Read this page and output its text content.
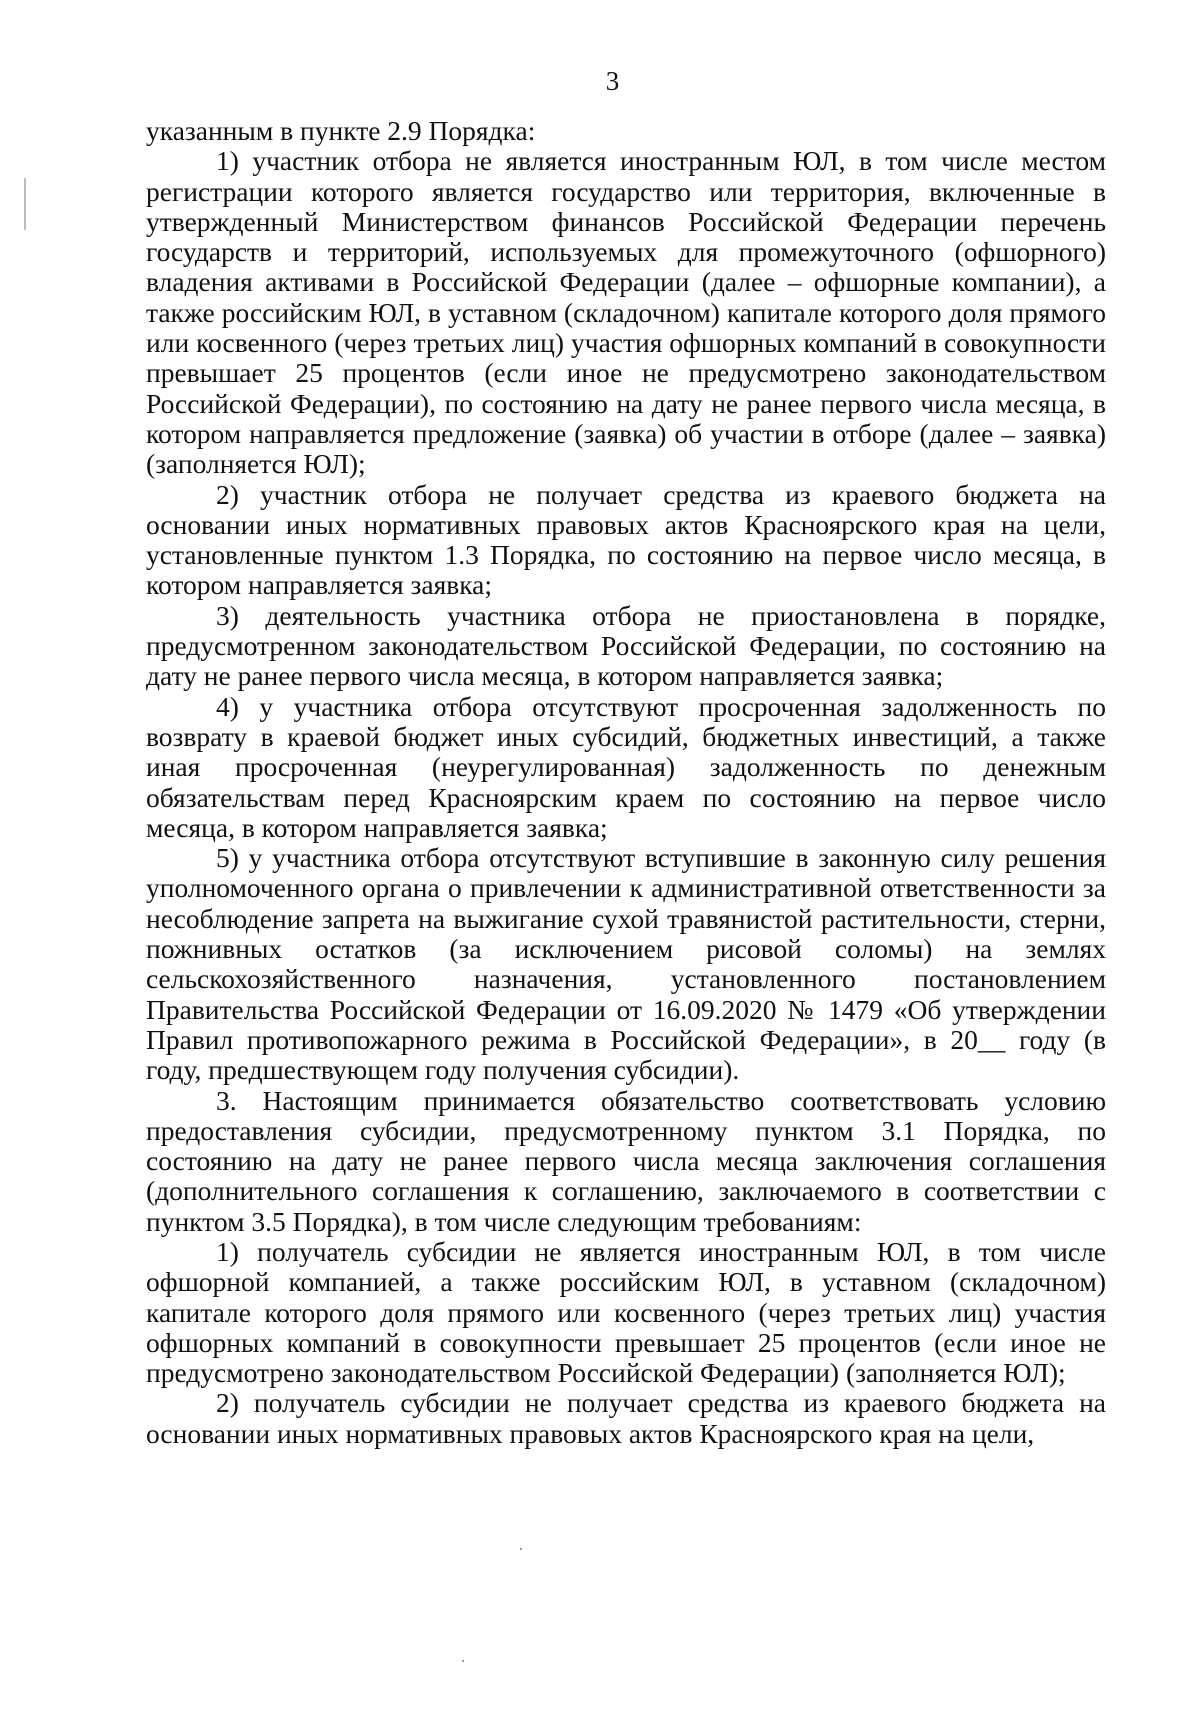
3

указанным в пункте 2.9 Порядка:

1) участник отбора не является иностранным ЮЛ, в том числе местом регистрации которого является государство или территория, включенные в утвержденный Министерством финансов Российской Федерации перечень государств и территорий, используемых для промежуточного (офшорного) владения активами в Российской Федерации (далее – офшорные компании), а также российским ЮЛ, в уставном (складочном) капитале которого доля прямого или косвенного (через третьих лиц) участия офшорных компаний в совокупности превышает 25 процентов (если иное не предусмотрено законодательством Российской Федерации), по состоянию на дату не ранее первого числа месяца, в котором направляется предложение (заявка) об участии в отборе (далее – заявка) (заполняется ЮЛ);

2) участник отбора не получает средства из краевого бюджета на основании иных нормативных правовых актов Красноярского края на цели, установленные пунктом 1.3 Порядка, по состоянию на первое число месяца, в котором направляется заявка;

3) деятельность участника отбора не приостановлена в порядке, предусмотренном законодательством Российской Федерации, по состоянию на дату не ранее первого числа месяца, в котором направляется заявка;

4) у участника отбора отсутствуют просроченная задолженность по возврату в краевой бюджет иных субсидий, бюджетных инвестиций, а также иная просроченная (неурегулированная) задолженность по денежным обязательствам перед Красноярским краем по состоянию на первое число месяца, в котором направляется заявка;

5) у участника отбора отсутствуют вступившие в законную силу решения уполномоченного органа о привлечении к административной ответственности за несоблюдение запрета на выжигание сухой травянистой растительности, стерни, пожнивных остатков (за исключением рисовой соломы) на землях сельскохозяйственного назначения, установленного постановлением Правительства Российской Федерации от 16.09.2020 № 1479 «Об утверждении Правил противопожарного режима в Российской Федерации», в 20__ году (в году, предшествующем году получения субсидии).

3. Настоящим принимается обязательство соответствовать условию предоставления субсидии, предусмотренному пунктом 3.1 Порядка, по состоянию на дату не ранее первого числа месяца заключения соглашения (дополнительного соглашения к соглашению, заключаемого в соответствии с пунктом 3.5 Порядка), в том числе следующим требованиям:

1) получатель субсидии не является иностранным ЮЛ, в том числе офшорной компанией, а также российским ЮЛ, в уставном (складочном) капитале которого доля прямого или косвенного (через третьих лиц) участия офшорных компаний в совокупности превышает 25 процентов (если иное не предусмотрено законодательством Российской Федерации) (заполняется ЮЛ);

2) получатель субсидии не получает средства из краевого бюджета на основании иных нормативных правовых актов Красноярского края на цели,
